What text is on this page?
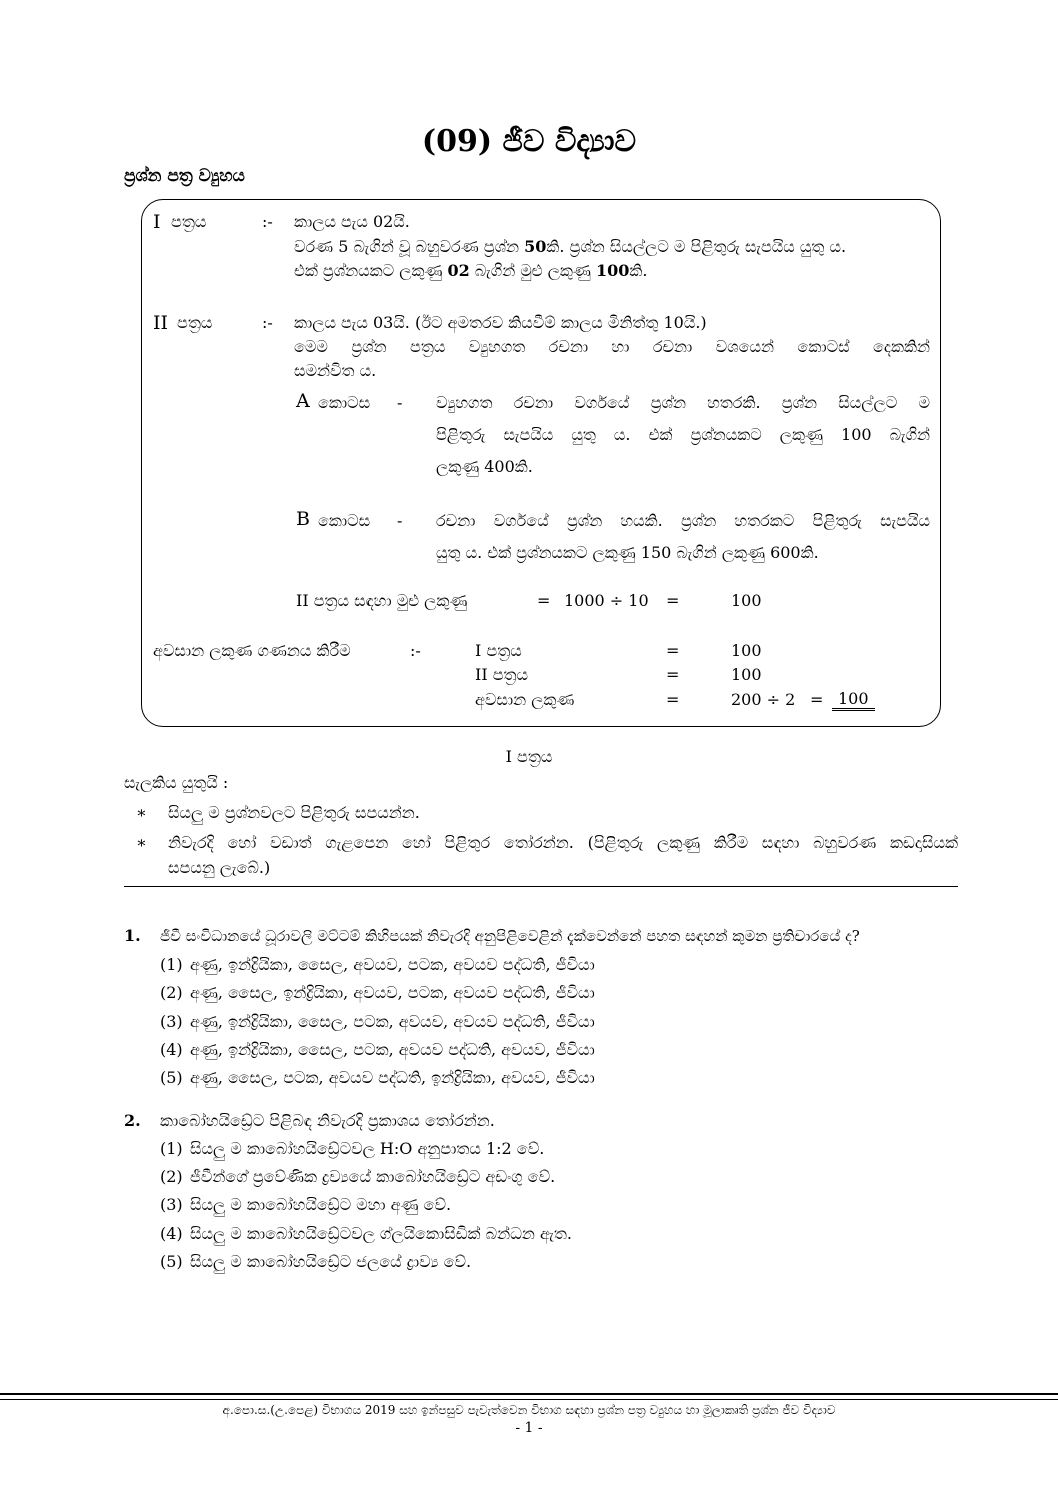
(09) ජීව විද්‍යාව
ප්‍රශ්න පත්‍ර ව්‍යුහය
I පත්‍රය	:- කාලය පැය 02යි.
වරණ 5 බැගින් වූ බහුවරණ ප්‍රශ්න 50කි. ප්‍රශ්න සියල්ලට ම පිළිතුරු සැපයිය යුතු ය.
එක් ප්‍රශ්නයකට ලකුණු 02 බැගින් මුළු ලකුණු 100කි.
II පත්‍රය	:- කාලය පැය 03යි. (ඊට අමතරව කියවීම් කාලය මිනිත්තු 10යි.)
මෙම ප්‍රශ්න පත්‍රය ව්‍යුහගත රචනා හා රචනා වශයෙන් කොටස් දෙකකින්
සමන්විත ය.
A කොටස - ව්‍යුහගත රචනා වර්ගයේ ප්‍රශ්න හතරකි. ප්‍රශ්න සියල්ලට ම
පිළිතුරු සැපයිය යුතු ය. එක් ප්‍රශ්නයකට ලකුණු 100 බැගින්
ලකුණු 400කි.
B කොටස - රචනා වර්ගයේ ප්‍රශ්න හයකි. ප්‍රශ්න හතරකට පිළිතුරු සැපයිය
යුතු ය. එක් ප්‍රශ්නයකට ලකුණු 150 බැගින් ලකුණු 600කි.
II පත්‍රය සඳහා මුළු ලකුණු	= 1000 ÷ 10 =	100
අවසාන ලකුණ ගණනය කිරීම	:-	I පත්‍රය	=	100
II පත්‍රය	=	100
අවසාන ලකුණ	=	200 ÷ 2 = 100
I පත්‍රය
සැලකිය යුතුයි :
∗ සියලු ම ප්‍රශ්නවලට පිළිතුරු සපයන්න.
∗ නිවැරදි හෝ වඩාත් ගැළපෙන හෝ පිළිතුර තෝරන්න. (පිළිතුරු ලකුණු කිරීම සඳහා බහුවරණ කඩදාසියක්
සපයනු ලැබේ.)
1. ජීවී සංවිධානයේ ධූරාවලි මට්ටම් කිහිපයක් නිවැරදි අනුපිළිවෙළින් දැක්වෙන්නේ පහත සඳහන් කුමන ප්‍රතිචාරයේ ද?
(1) අණු, ඉන්ද්‍රියිකා, සෛල, අවයව, පටක, අවයව පද්ධති, ජීවියා
(2) අණු, සෛල, ඉන්ද්‍රියිකා, අවයව, පටක, අවයව පද්ධති, ජීවියා
(3) අණු, ඉන්ද්‍රියිකා, සෛල, පටක, අවයව, අවයව පද්ධති, ජීවියා
(4) අණු, ඉන්ද්‍රියිකා, සෛල, පටක, අවයව පද්ධති, අවයව, ජීවියා
(5) අණු, සෛල, පටක, අවයව පද්ධති, ඉන්ද්‍රියිකා, අවයව, ජීවියා
2. කාබෝහයිඩ්‍රේට පිළිබඳ නිවැරදි ප්‍රකාශය තෝරන්න.
(1) සියලු ම කාබෝහයිඩ්‍රේටවල H:O අනුපාතය 1:2 වේ.
(2) ජීවීන්ගේ ප්‍රවේණික ද්‍රව්‍යයේ කාබෝහයිඩ්‍රේට අඩංගු වේ.
(3) සියලු ම කාබෝහයිඩ්‍රේට මහා අණු වේ.
(4) සියලු ම කාබෝහයිඩ්‍රේටවල ග්ලයිකොසිඩික් බන්ධන ඇත.
(5) සියලු ම කාබෝහයිඩ්‍රේට ජලයේ ද්‍රාව්‍ය වේ.
අ.පො.ස.(උ.පෙළ) විභාගය 2019 සහ ඉන්පසුව පැවැත්වෙන විභාග සඳහා ප්‍රශ්න පත්‍ර ව්‍යුහය හා මූලාකෘති ප්‍රශ්න ජීව විද්‍යාව
- 1 -
